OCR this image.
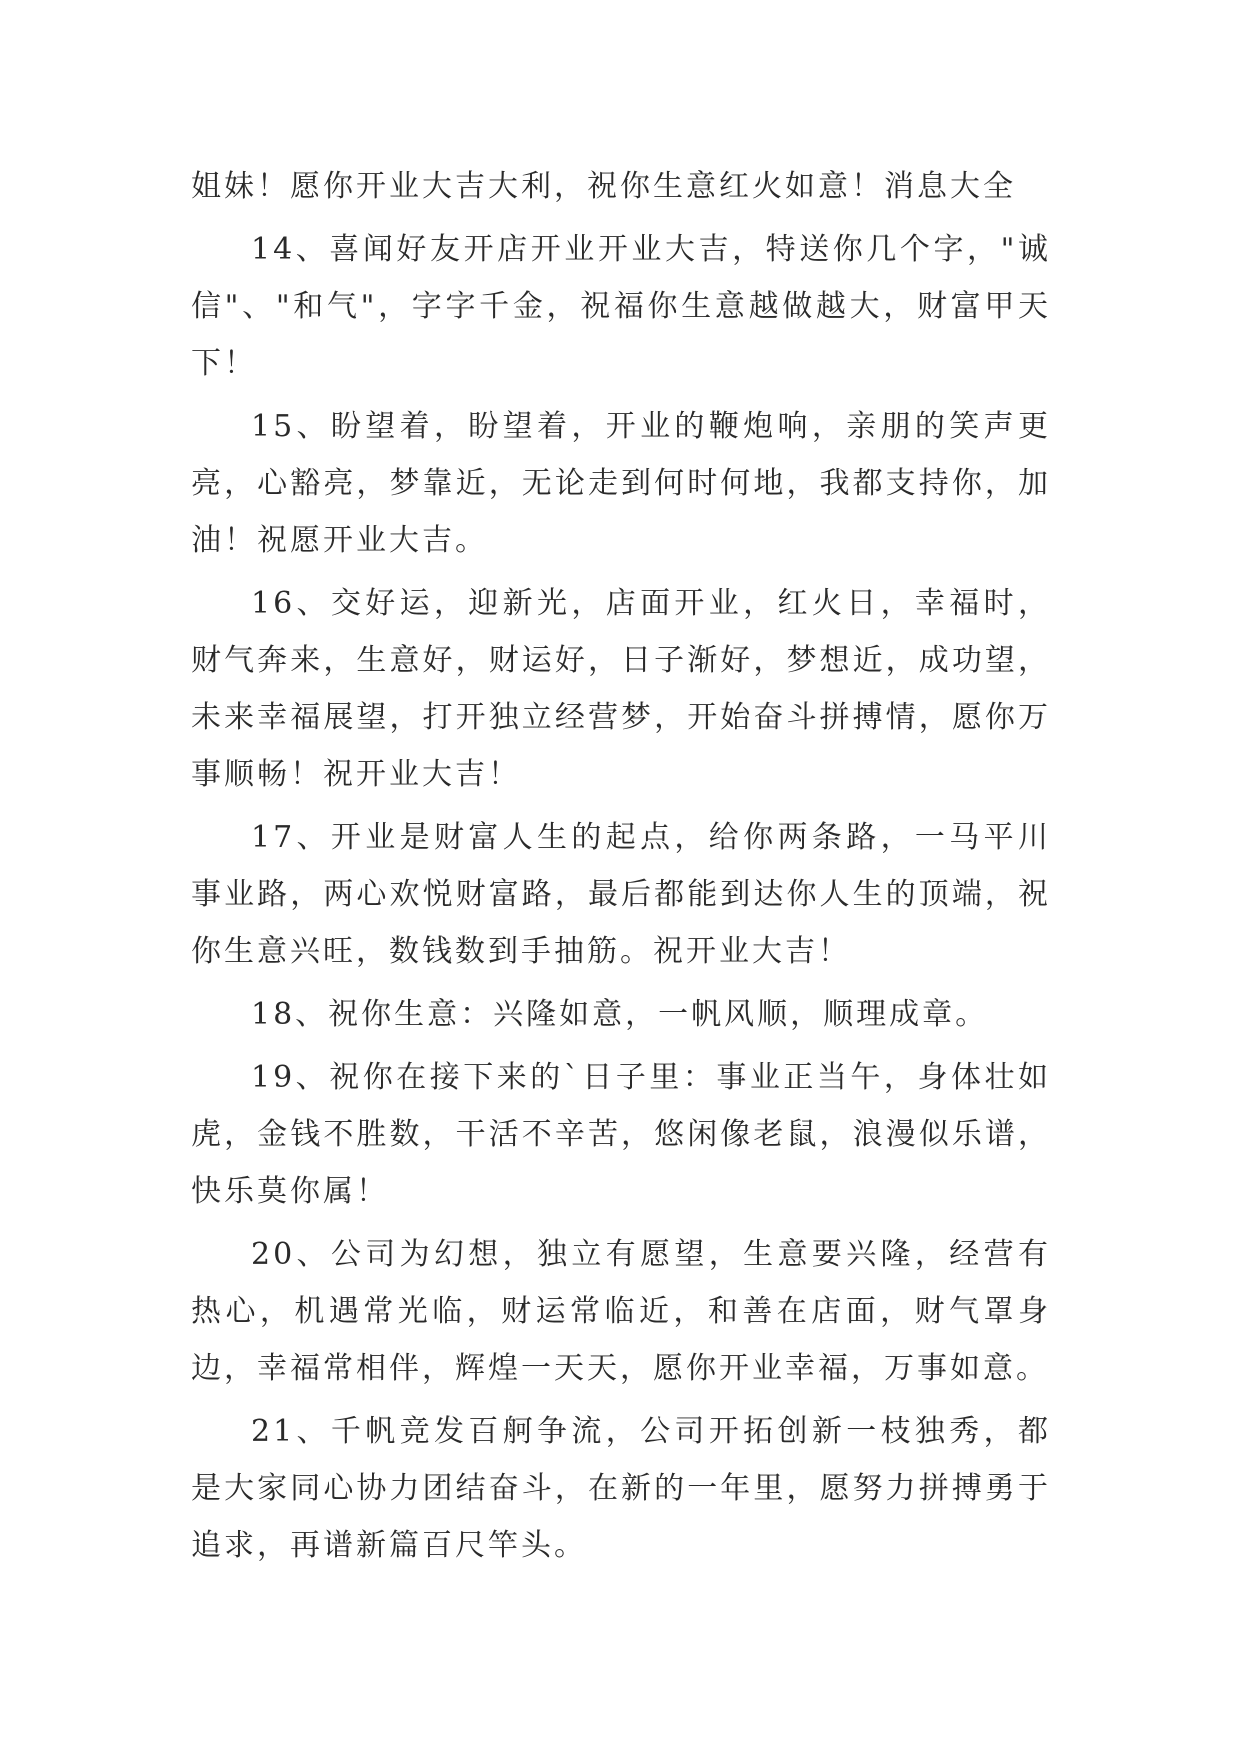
姐妹！愿你开业大吉大利，祝你生意红火如意！消息大全

14、喜闻好友开店开业开业大吉，特送你几个字，"诚信"、"和气"，字字千金，祝福你生意越做越大，财富甲天下！

15、盼望着，盼望着，开业的鞭炮响，亲朋的笑声更亮，心豁亮，梦靠近，无论走到何时何地，我都支持你，加油！祝愿开业大吉。

16、交好运，迎新光，店面开业，红火日，幸福时，财气奔来，生意好，财运好，日子渐好，梦想近，成功望，未来幸福展望，打开独立经营梦，开始奋斗拼搏情，愿你万事顺畅！祝开业大吉！

17、开业是财富人生的起点，给你两条路，一马平川事业路，两心欢悦财富路，最后都能到达你人生的顶端，祝你生意兴旺，数钱数到手抽筋。祝开业大吉！

18、祝你生意：兴隆如意，一帆风顺，顺理成章。

19、祝你在接下来的`日子里：事业正当午，身体壮如虎，金钱不胜数，干活不辛苦，悠闲像老鼠，浪漫似乐谱，快乐莫你属！

20、公司为幻想，独立有愿望，生意要兴隆，经营有热心，机遇常光临，财运常临近，和善在店面，财气罩身边，幸福常相伴，辉煌一天天，愿你开业幸福，万事如意。

21、千帆竞发百舸争流，公司开拓创新一枝独秀，都是大家同心协力团结奋斗，在新的一年里，愿努力拼搏勇于追求，再谱新篇百尺竿头。
